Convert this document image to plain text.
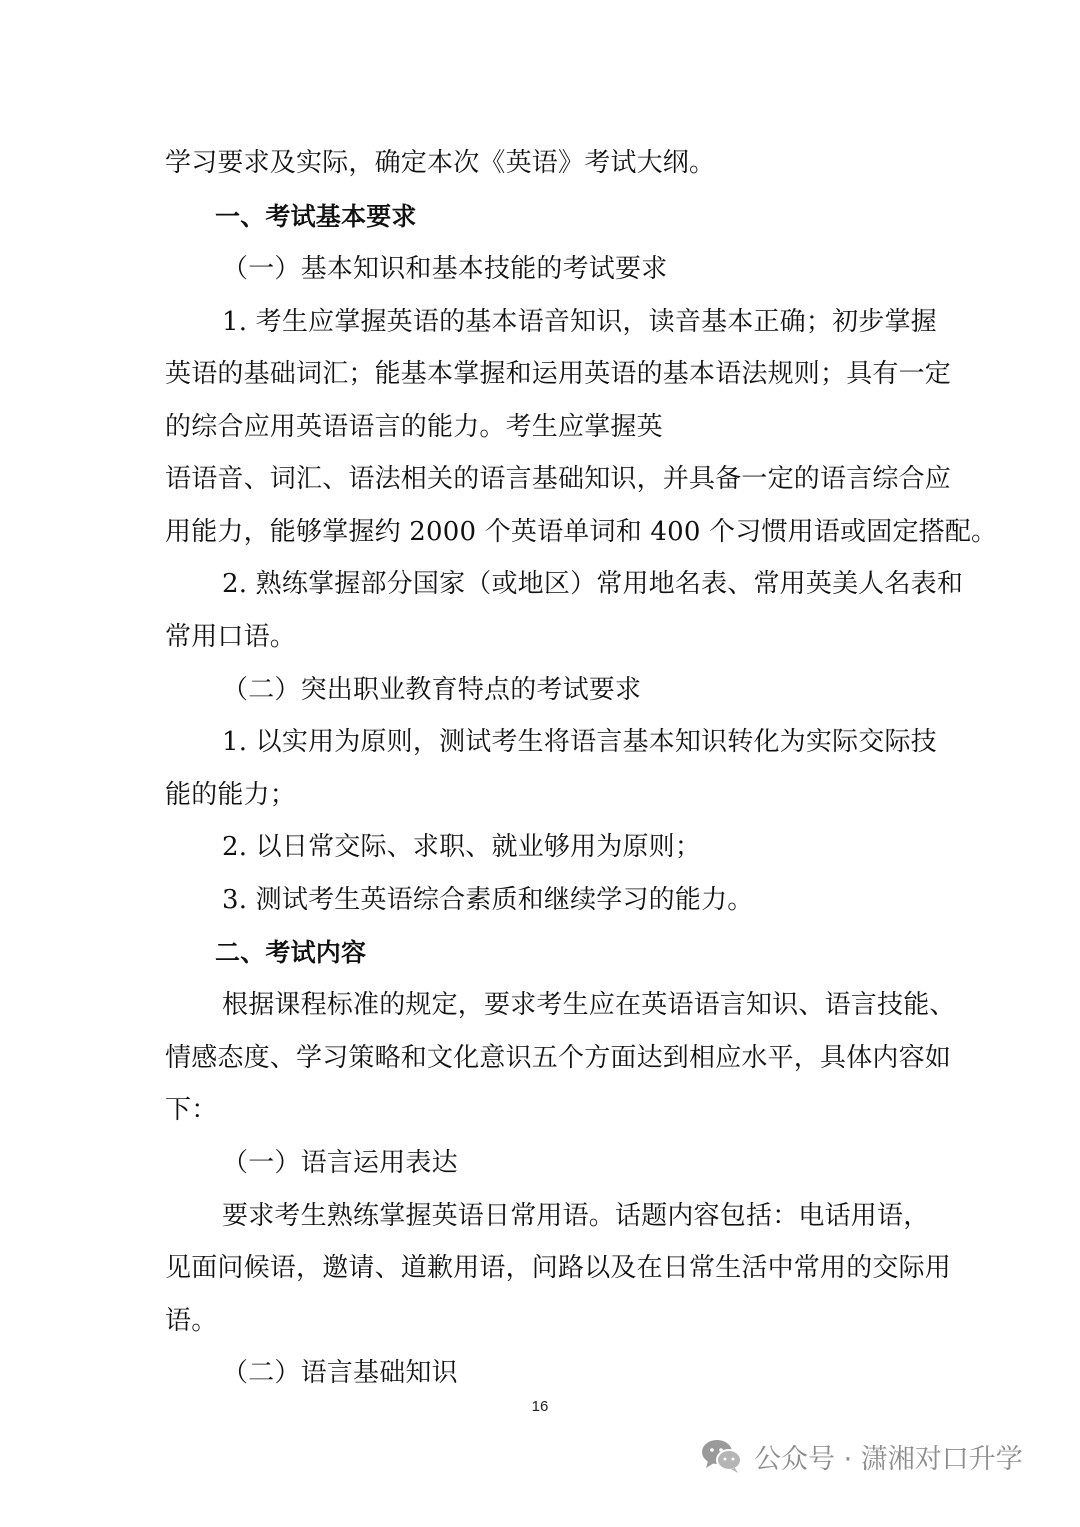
学习要求及实际，确定本次《英语》考试大纲。
一、考试基本要求
（一）基本知识和基本技能的考试要求
1. 考生应掌握英语的基本语音知识，读音基本正确；初步掌握
英语的基础词汇；能基本掌握和运用英语的基本语法规则；具有一定
的综合应用英语语言的能力。考生应掌握英
语语音、词汇、语法相关的语言基础知识，并具备一定的语言综合应
用能力，能够掌握约 2000 个英语单词和 400 个习惯用语或固定搭配。
2. 熟练掌握部分国家（或地区）常用地名表、常用英美人名表和
常用口语。
（二）突出职业教育特点的考试要求
1. 以实用为原则，测试考生将语言基本知识转化为实际交际技
能的能力；
2. 以日常交际、求职、就业够用为原则；
3. 测试考生英语综合素质和继续学习的能力。
二、考试内容
根据课程标准的规定，要求考生应在英语语言知识、语言技能、
情感态度、学习策略和文化意识五个方面达到相应水平，具体内容如
下：
（一）语言运用表达
要求考生熟练掌握英语日常用语。话题内容包括：电话用语，
见面问候语，邀请、道歉用语，问路以及在日常生活中常用的交际用
语。
（二）语言基础知识
16
公众号 · 潇湘对口升学
